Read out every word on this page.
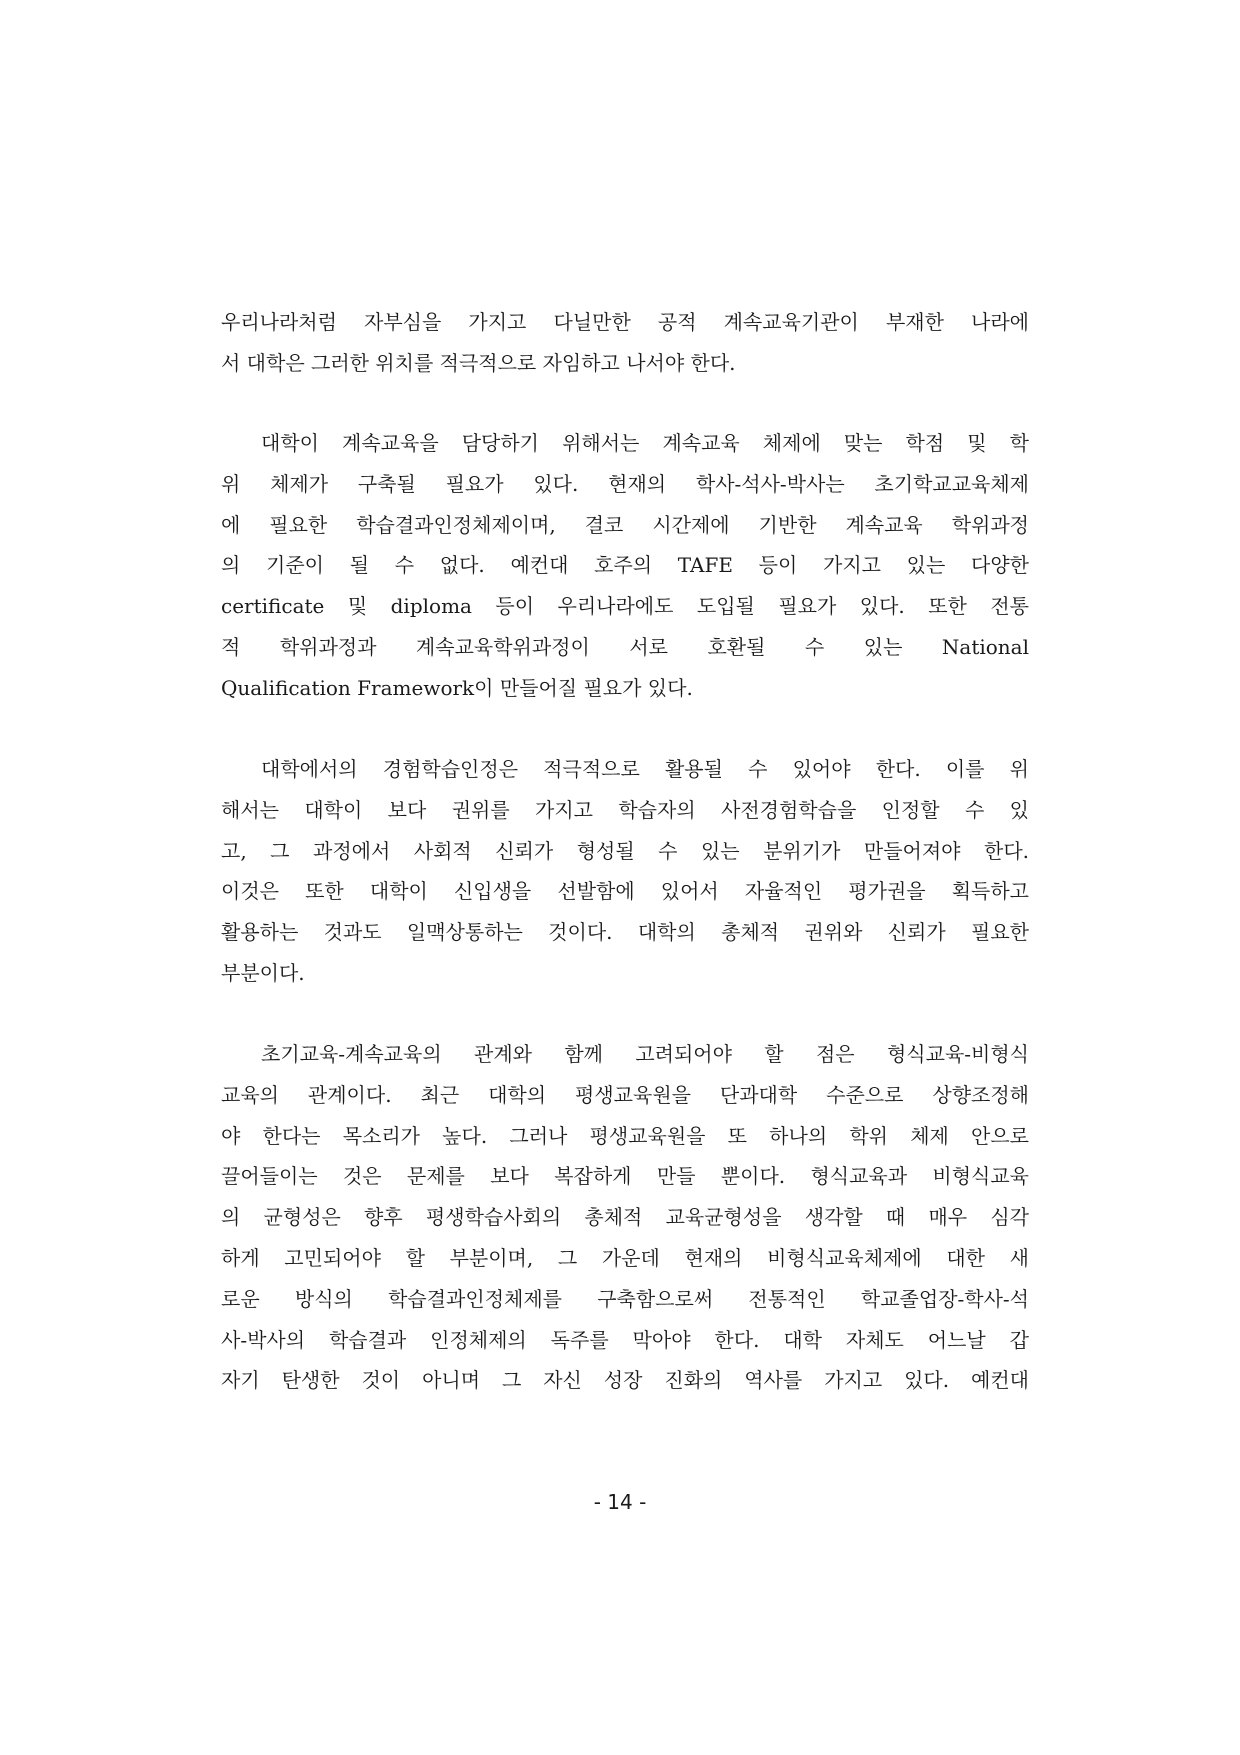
우리나라처럼 자부심을 가지고 다닐만한 공적 계속교육기관이 부재한 나라에
서 대학은 그러한 위치를 적극적으로 자임하고 나서야 한다.
대학이 계속교육을 담당하기 위해서는 계속교육 체제에 맞는 학점 및 학
위 체제가 구축될 필요가 있다. 현재의 학사-석사-박사는 초기학교교육체제
에 필요한 학습결과인정체제이며, 결코 시간제에 기반한 계속교육 학위과정
의 기준이 될 수 없다. 예컨대 호주의 TAFE 등이 가지고 있는 다양한
certificate 및 diploma 등이 우리나라에도 도입될 필요가 있다. 또한 전통
적 학위과정과 계속교육학위과정이 서로 호환될 수 있는 National
Qualification Framework이 만들어질 필요가 있다.
대학에서의 경험학습인정은 적극적으로 활용될 수 있어야 한다. 이를 위
해서는 대학이 보다 권위를 가지고 학습자의 사전경험학습을 인정할 수 있
고, 그 과정에서 사회적 신뢰가 형성될 수 있는 분위기가 만들어져야 한다.
이것은 또한 대학이 신입생을 선발함에 있어서 자율적인 평가권을 획득하고
활용하는 것과도 일맥상통하는 것이다. 대학의 총체적 권위와 신뢰가 필요한
부분이다.
초기교육-계속교육의 관계와 함께 고려되어야 할 점은 형식교육-비형식
교육의 관계이다. 최근 대학의 평생교육원을 단과대학 수준으로 상향조정해
야 한다는 목소리가 높다. 그러나 평생교육원을 또 하나의 학위 체제 안으로
끌어들이는 것은 문제를 보다 복잡하게 만들 뿐이다. 형식교육과 비형식교육
의 균형성은 향후 평생학습사회의 총체적 교육균형성을 생각할 때 매우 심각
하게 고민되어야 할 부분이며, 그 가운데 현재의 비형식교육체제에 대한 새
로운 방식의 학습결과인정체제를 구축함으로써 전통적인 학교졸업장-학사-석
사-박사의 학습결과 인정체제의 독주를 막아야 한다. 대학 자체도 어느날 갑
자기 탄생한 것이 아니며 그 자신 성장 진화의 역사를 가지고 있다. 예컨대
- 14 -
